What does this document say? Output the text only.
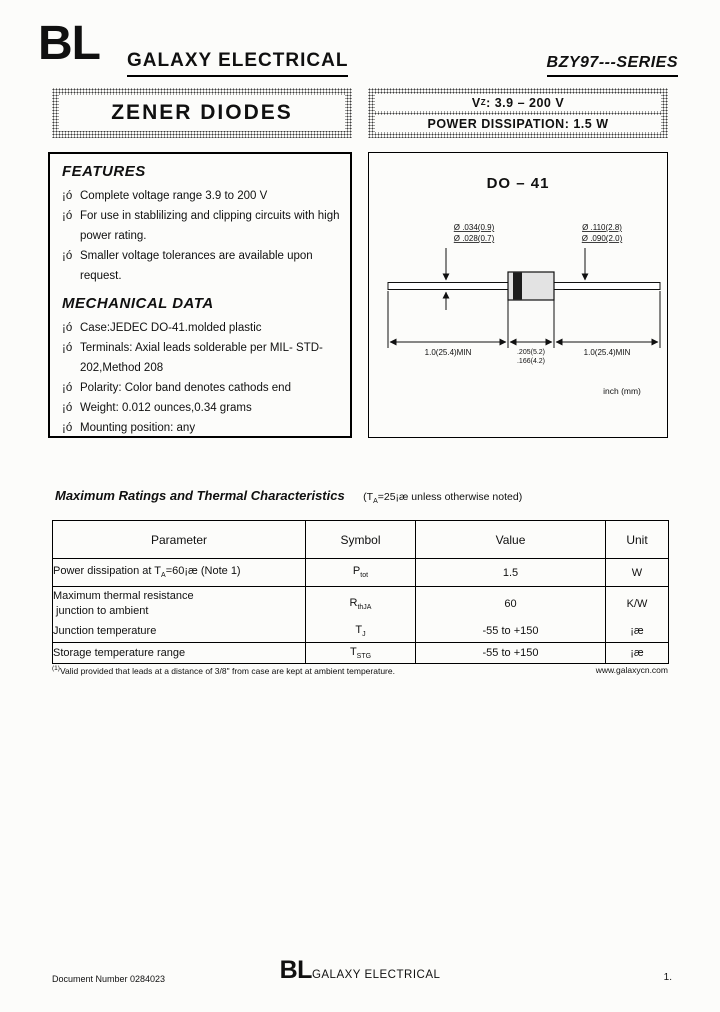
BL GALAXY ELECTRICAL	BZY97---SERIES
ZENER DIODES	V Z : 3.9 – 200 V
POWER DISSIPATION: 1.5 W
FEATURES
¡ó Complete voltage range 3.9 to 200 V
¡ó For use in stablilizing and clipping circuits with high power rating.
¡ó Smaller voltage tolerances are available upon request.
MECHANICAL DATA
¡ó Case:JEDEC DO-41.molded plastic
¡ó Terminals: Axial leads solderable per MIL- STD-202,Method 208
¡ó Polarity: Color band denotes cathods end
¡ó Weight: 0.012 ounces,0.34 grams
¡ó Mounting position: any
DO – 41
Ø .034(0.9)
Ø .028(0.7)
Ø .110(2.8)
Ø .090(2.0)
1.0(25.4)MIN	.205(5.2)
.166(4.2)
1.0(25.4)MIN
inch (mm)
Maximum Ratings and Thermal Characteristics ($T_A=25¡æ$ unless otherwise noted)
Parameter	Symbol	Value	Unit
Power dissipation at $T_A=60¡æ$ (Note 1)	$P_{tot}$	1.5	W
Maximum thermal resistance
junction to ambient	$R_{thJA}$	60	K/W
Junction temperature	$T_J$	-55 to +150	¡æ
Storage temperature range	$T_{STG}$	-55 to +150	¡æ
$^{(1)}$Valid provided that leads at a distance of 3/8" from case are kept at ambient temperature.	www.galaxycn.com
Document Number 0284023	BLGALAXY ELECTRICAL	1.
